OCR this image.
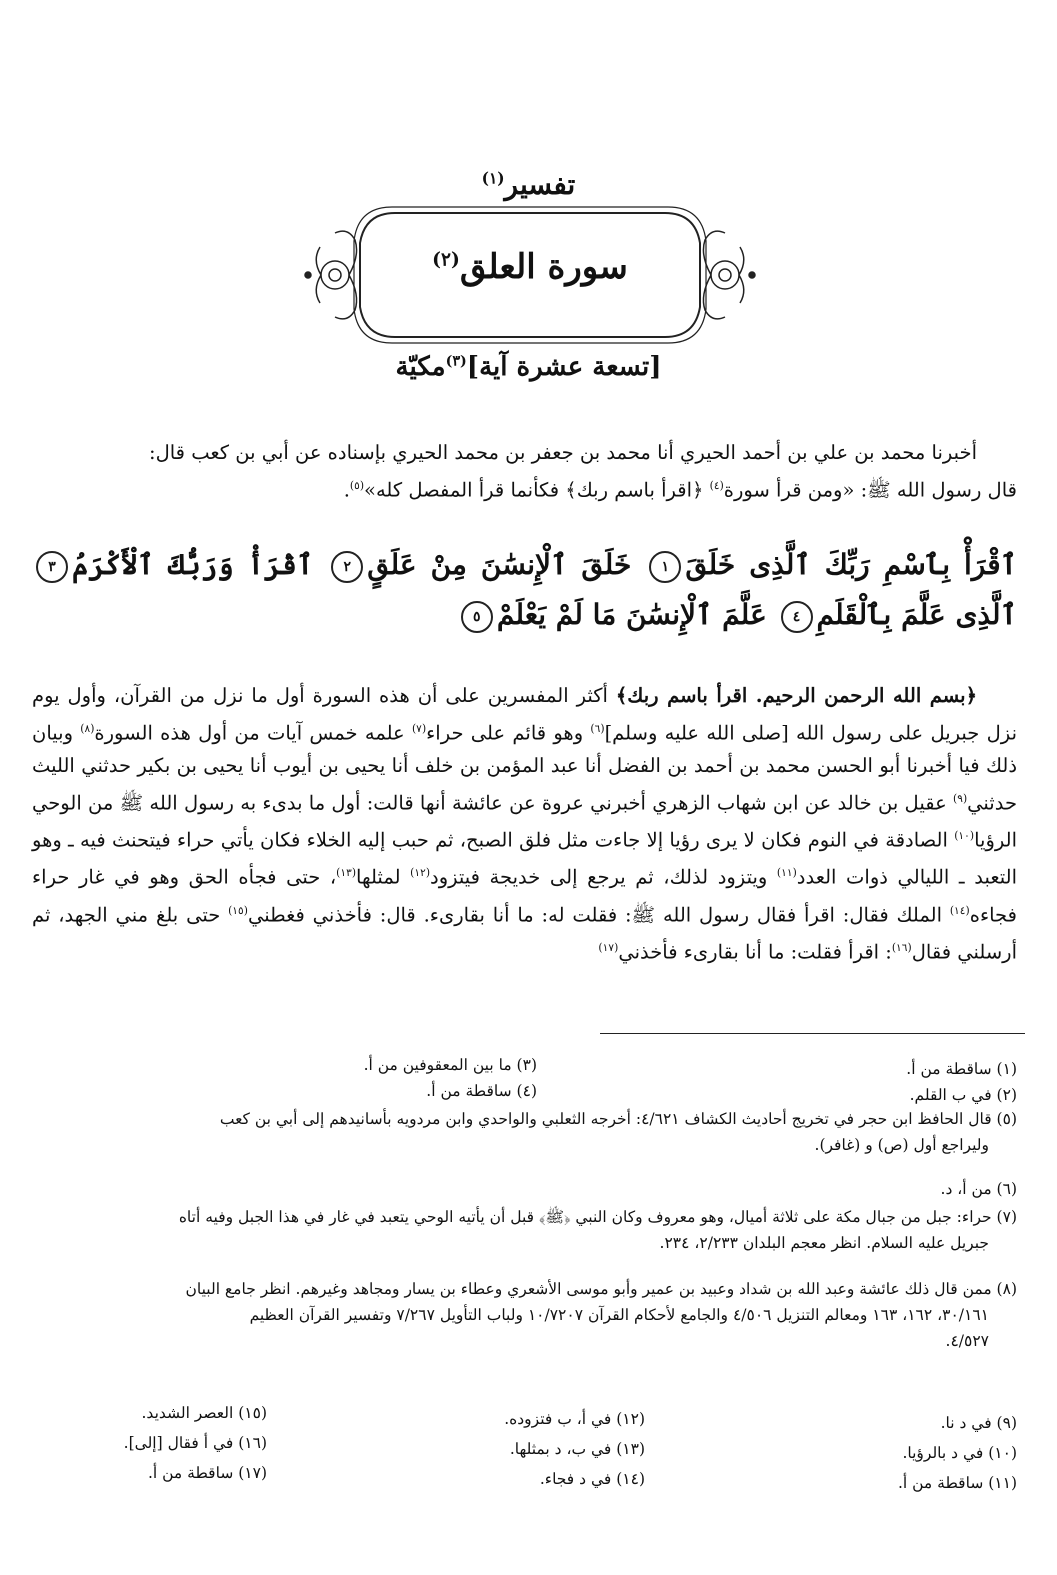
تفسير$^{(١)}$
سورة العلق$^{(٢)}$
[تسعة عشرة آية]$^{(٣)}$مكيّة

أخبرنا محمد بن علي بن أحمد الحيري أنا محمد بن جعفر بن محمد الحيري بإسناده عن أبي بن كعب قال:

قال رسول الله ﷺ: «ومن قرأ سورة$^{(٤)}$ ﴿اقرأ باسم ربك﴾ فكأنما قرأ المفصل كله»$^{(٥)}$.

ٱقْرَأْ بِٱسْمِ رَبِّكَ ٱلَّذِى خَلَقَ١ خَلَقَ ٱلْإِنسَٰنَ مِنْ عَلَقٍ٢ ٱقْرَأْ وَرَبُّكَ ٱلْأَكْرَمُ٣ ٱلَّذِى عَلَّمَ بِٱلْقَلَمِ٤ عَلَّمَ ٱلْإِنسَٰنَ مَا لَمْ يَعْلَمْ٥

﴿بسم الله الرحمن الرحيم. اقرأ باسم ربك﴾ أكثر المفسرين على أن هذه السورة أول ما نزل من القرآن، وأول يوم نزل جبريل على رسول الله [صلى الله عليه وسلم]$^{(٦)}$ وهو قائم على حراء$^{(٧)}$ علمه خمس آيات من أول هذه السورة$^{(٨)}$ وبيان ذلك فيا أخبرنا أبو الحسن محمد بن أحمد بن الفضل أنا عبد المؤمن بن خلف أنا يحيى بن أيوب أنا يحيى بن بكير حدثني الليث حدثني$^{(٩)}$ عقيل بن خالد عن ابن شهاب الزهري أخبرني عروة عن عائشة أنها قالت: أول ما بدىء به رسول الله ﷺ من الوحي الرؤيا$^{(١٠)}$ الصادقة في النوم فكان لا يرى رؤيا إلا جاءت مثل فلق الصبح، ثم حبب إليه الخلاء فكان يأتي حراء فيتحنث فيه ـ وهو التعبد ـ الليالي ذوات العدد$^{(١١)}$ ويتزود لذلك، ثم يرجع إلى خديجة فيتزود$^{(١٢)}$ لمثلها$^{(١٣)}$، حتى فجأه الحق وهو في غار حراء فجاءه$^{(١٤)}$ الملك فقال: اقرأ فقال رسول الله ﷺ: فقلت له: ما أنا بقارىء. قال: فأخذني فغطني$^{(١٥)}$ حتى بلغ مني الجهد، ثم أرسلني فقال$^{(١٦)}$: اقرأ فقلت: ما أنا بقارىء فأخذني$^{(١٧)}$

(١) ساقطة من أ.
(٢) في ب القلم.
(٣) ما بين المعقوفين من أ.
(٤) ساقطة من أ.

(٥) قال الحافظ ابن حجر في تخريج أحاديث الكشاف ٤/٦٢١: أخرجه الثعلبي والواحدي وابن مردويه بأسانيدهم إلى أبي بن كعب

وليراجع أول (ص) و (غافر).

(٦) من أ، د.

(٧) حراء: جبل من جبال مكة على ثلاثة أميال، وهو معروف وكان النبي ﴿ﷺ﴾ قبل أن يأتيه الوحي يتعبد في غار في هذا الجبل وفيه أتاه

جبريل عليه السلام. انظر معجم البلدان ٢/٢٣٣، ٢٣٤.

(٨) ممن قال ذلك عائشة وعبد الله بن شداد وعبيد بن عمير وأبو موسى الأشعري وعطاء بن يسار ومجاهد وغيرهم. انظر جامع البيان

٣٠/١٦١، ١٦٢، ١٦٣ ومعالم التنزيل ٤/٥٠٦ والجامع لأحكام القرآن ١٠/٧٢٠٧ ولباب التأويل ٧/٢٦٧ وتفسير القرآن العظيم

٤/٥٢٧.

(٩) في د نا.
(١٠) في د بالرؤيا.
(١١) ساقطة من أ.
(١٢) في أ، ب فتزوده.
(١٣) في ب، د بمثلها.
(١٤) في د فجاء.
(١٥) العصر الشديد.
(١٦) في أ فقال [إلى].
(١٧) ساقطة من أ.
